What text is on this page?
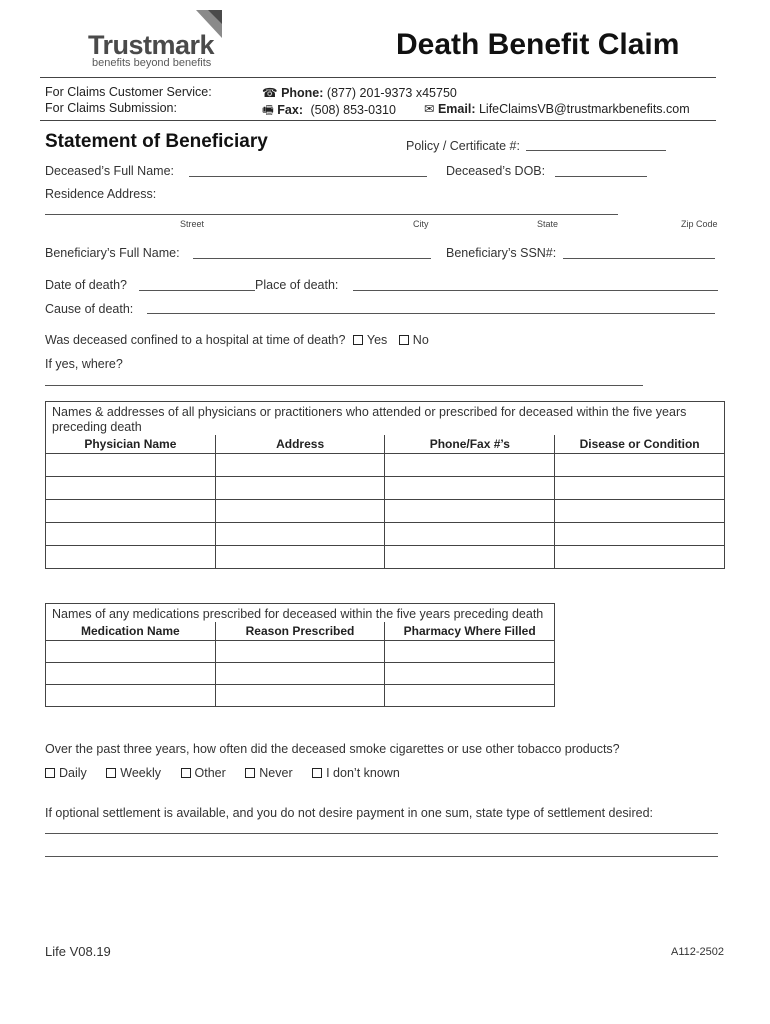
Trustmark
benefits beyond benefits
Death Benefit Claim
For Claims Customer Service:
For Claims Submission:
☎ Phone: (877) 201-9373 x45750
🖷 Fax: (508) 853-0310 ✉ Email: LifeClaimsVB@trustmarkbenefits.com
Statement of Beneficiary	Policy / Certificate #:
Deceased’s Full Name:	Deceased’s DOB:
Residence Address:
Street	City	State	Zip Code
Beneficiary’s Full Name:	Beneficiary’s SSN#:
Date of death?	Place of death:
Cause of death:
Was deceased confined to a hospital at time of death? Yes No
If yes, where?
Names & addresses of all physicians or practitioners who attended or prescribed for deceased within the five years preceding death			
Physician Name	Address	Phone/Fax #’s	Disease or Condition

Names of any medications prescribed for deceased within the five years preceding death		
Medication Name	Reason Prescribed	Pharmacy Where Filled

Over the past three years, how often did the deceased smoke cigarettes or use other tobacco products?
Daily	Weekly	Other	Never	I don’t known
If optional settlement is available, and you do not desire payment in one sum, state type of settlement desired:
Life V08.19	A112-2502
